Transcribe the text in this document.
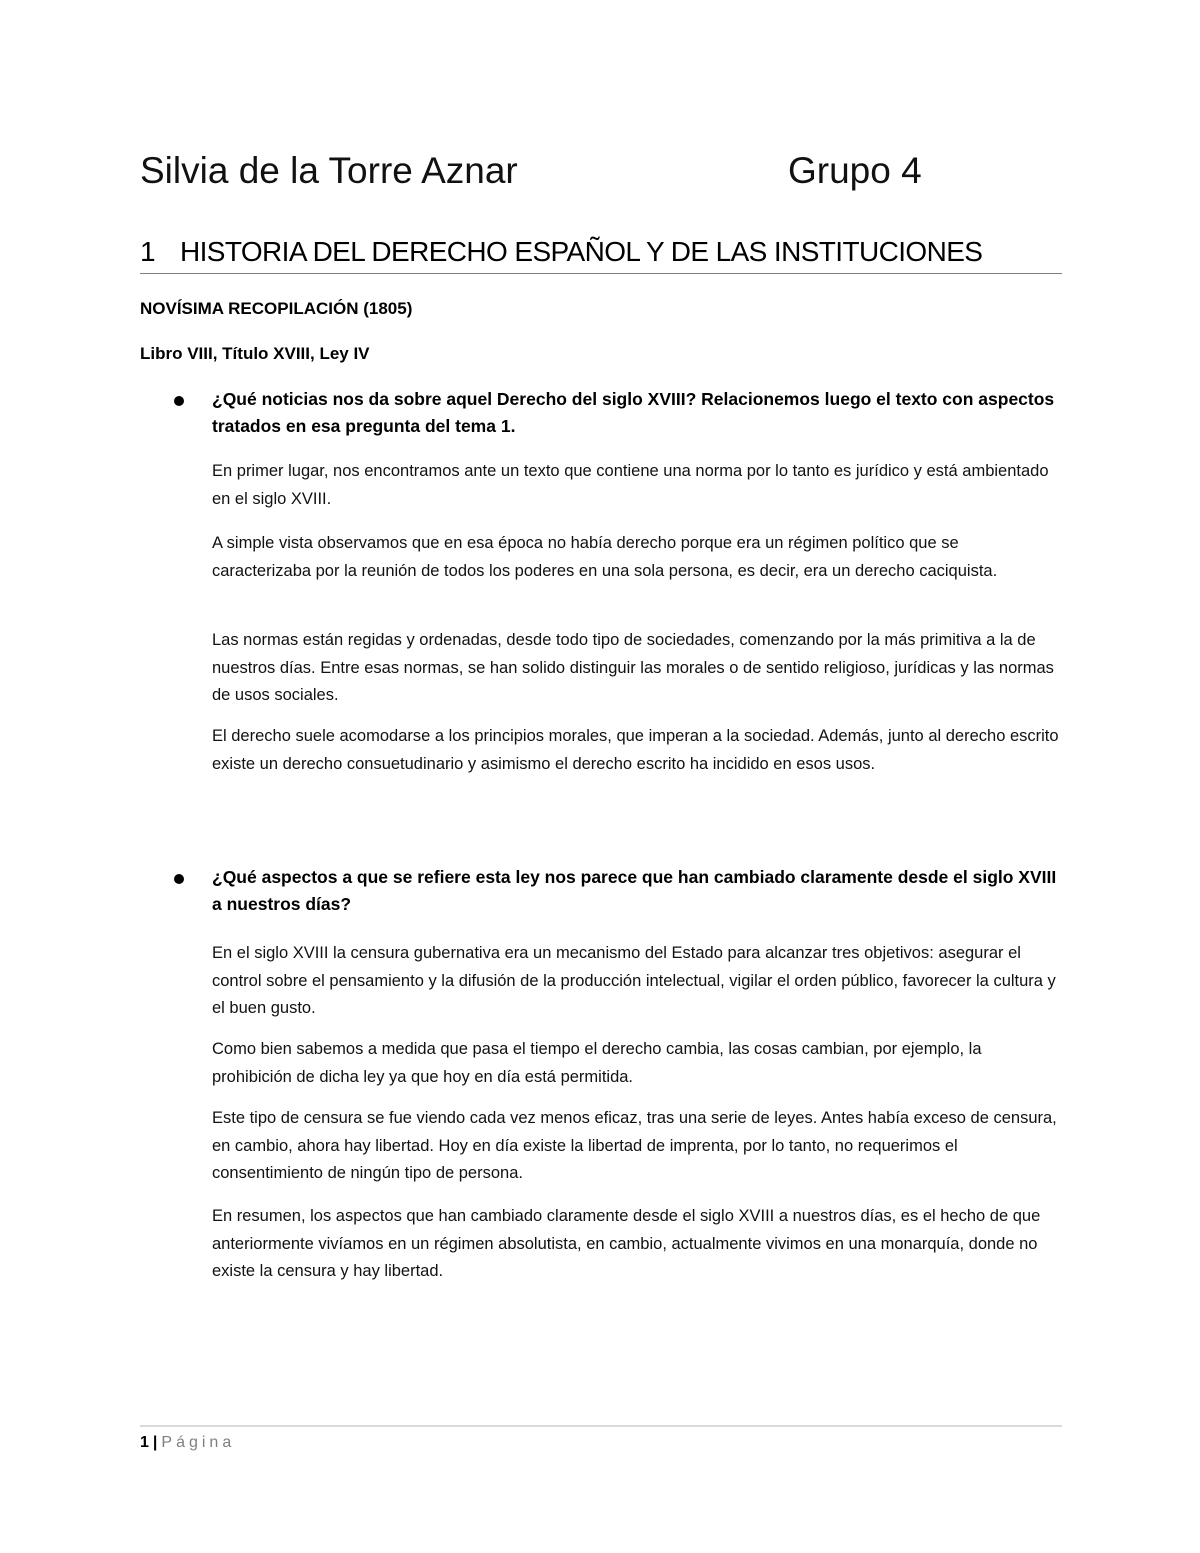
Silvia de la Torre Aznar	Grupo 4
1 HISTORIA DEL DERECHO ESPAÑOL Y DE LAS INSTITUCIONES
NOVÍSIMA RECOPILACIÓN (1805)
Libro VIII, Título XVIII, Ley IV
¿Qué noticias nos da sobre aquel Derecho del siglo XVIII? Relacionemos luego el texto con aspectos tratados en esa pregunta del tema 1.
En primer lugar, nos encontramos ante un texto que contiene una norma por lo tanto es jurídico y está ambientado en el siglo XVIII.
A simple vista observamos que en esa época no había derecho porque era un régimen político que se caracterizaba por la reunión de todos los poderes en una sola persona, es decir, era un derecho caciquista.
Las normas están regidas y ordenadas, desde todo tipo de sociedades, comenzando por la más primitiva a la de nuestros días. Entre esas normas, se han solido distinguir las morales o de sentido religioso, jurídicas y las normas de usos sociales.
El derecho suele acomodarse a los principios morales, que imperan a la sociedad. Además, junto al derecho escrito existe un derecho consuetudinario y asimismo el derecho escrito ha incidido en esos usos.
¿Qué aspectos a que se refiere esta ley nos parece que han cambiado claramente desde el siglo XVIII a nuestros días?
En el siglo XVIII la censura gubernativa era un mecanismo del Estado para alcanzar tres objetivos: asegurar el control sobre el pensamiento y la difusión de la producción intelectual, vigilar el orden público, favorecer la cultura y el buen gusto.
Como bien sabemos a medida que pasa el tiempo el derecho cambia, las cosas cambian, por ejemplo, la prohibición de dicha ley ya que hoy en día está permitida.
Este tipo de censura se fue viendo cada vez menos eficaz, tras una serie de leyes. Antes había exceso de censura, en cambio, ahora hay libertad. Hoy en día existe la libertad de imprenta, por lo tanto, no requerimos el consentimiento de ningún tipo de persona.
En resumen, los aspectos que han cambiado claramente desde el siglo XVIII a nuestros días, es el hecho de que anteriormente vivíamos en un régimen absolutista, en cambio, actualmente vivimos en una monarquía, donde no existe la censura y hay libertad.
1 | Página
